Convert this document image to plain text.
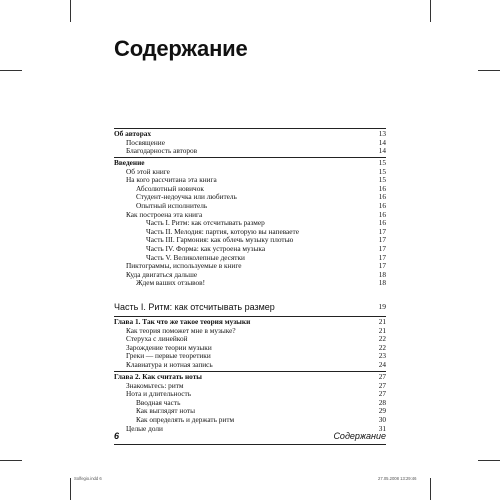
Содержание
Об авторах	13
Посвящение	14
Благодарность авторов	14
Введение	15
Об этой книге	15
На кого рассчитана эта книга	15
Абсолютный новичок	16
Студент-недоучка или любитель	16
Опытный исполнитель	16
Как построена эта книга	16
Часть I. Ритм: как отсчитывать размер	16
Часть II. Мелодия: партия, которую вы напеваете	17
Часть III. Гармония: как облечь музыку плотью	17
Часть IV. Форма: как устроена музыка	17
Часть V. Великолепные десятки	17
Пиктограммы, используемые в книге	17
Куда двигаться дальше	18
Ждем ваших отзывов!	18
Часть I. Ритм: как отсчитывать размер	19
Глава 1. Так что же такое теория музыки	21
Как теория поможет мне в музыке?	21
Cтеруха с линейкой	22
Зарождение теории музыки	22
Греки — первые теоретики	23
Клавиатура и нотная запись	24
Глава 2. Как считать ноты	27
Знакомьтесь: ритм	27
Нота и длительность	27
Вводная часть	28
Как выглядят ноты	29
Как определять и держать ритм	30
Целые доли	31
6	Содержание
Solfegio.indd 6	27.05.2008 13:29:46
